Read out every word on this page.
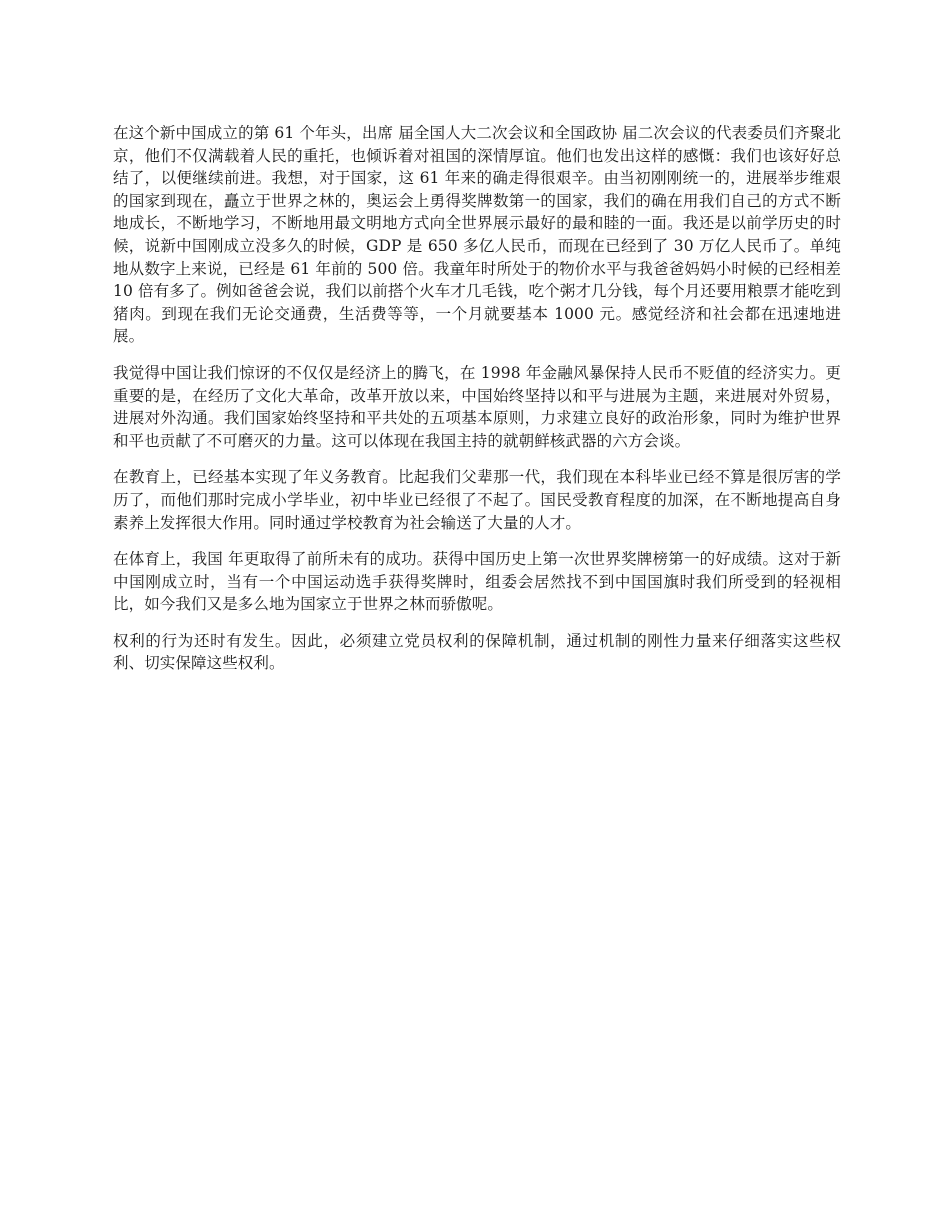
在这个新中国成立的第 61 个年头，出席 届全国人大二次会议和全国政协 届二次会议的代表委员们齐聚北京，他们不仅满载着人民的重托，也倾诉着对祖国的深情厚谊。他们也发出这样的感慨：我们也该好好总结了，以便继续前进。我想，对于国家，这 61 年来的确走得很艰辛。由当初刚刚统一的，进展举步维艰的国家到现在，矗立于世界之林的，奥运会上勇得奖牌数第一的国家，我们的确在用我们自己的方式不断地成长，不断地学习，不断地用最文明地方式向全世界展示最好的最和睦的一面。我还是以前学历史的时候，说新中国刚成立没多久的时候，GDP 是 650 多亿人民币，而现在已经到了 30 万亿人民币了。单纯地从数字上来说，已经是 61 年前的 500 倍。我童年时所处于的物价水平与我爸爸妈妈小时候的已经相差 10 倍有多了。例如爸爸会说，我们以前搭个火车才几毛钱，吃个粥才几分钱，每个月还要用粮票才能吃到猪肉。到现在我们无论交通费，生活费等等，一个月就要基本 1000 元。感觉经济和社会都在迅速地进展。

我觉得中国让我们惊讶的不仅仅是经济上的腾飞，在 1998 年金融风暴保持人民币不贬值的经济实力。更重要的是，在经历了文化大革命，改革开放以来，中国始终坚持以和平与进展为主题，来进展对外贸易，进展对外沟通。我们国家始终坚持和平共处的五项基本原则，力求建立良好的政治形象，同时为维护世界和平也贡献了不可磨灭的力量。这可以体现在我国主持的就朝鲜核武器的六方会谈。

在教育上，已经基本实现了年义务教育。比起我们父辈那一代，我们现在本科毕业已经不算是很厉害的学历了，而他们那时完成小学毕业，初中毕业已经很了不起了。国民受教育程度的加深，在不断地提高自身素养上发挥很大作用。同时通过学校教育为社会输送了大量的人才。

在体育上，我国 年更取得了前所未有的成功。获得中国历史上第一次世界奖牌榜第一的好成绩。这对于新中国刚成立时，当有一个中国运动选手获得奖牌时，组委会居然找不到中国国旗时我们所受到的轻视相比，如今我们又是多么地为国家立于世界之林而骄傲呢。

权利的行为还时有发生。因此，必须建立党员权利的保障机制，通过机制的刚性力量来仔细落实这些权利、切实保障这些权利。
